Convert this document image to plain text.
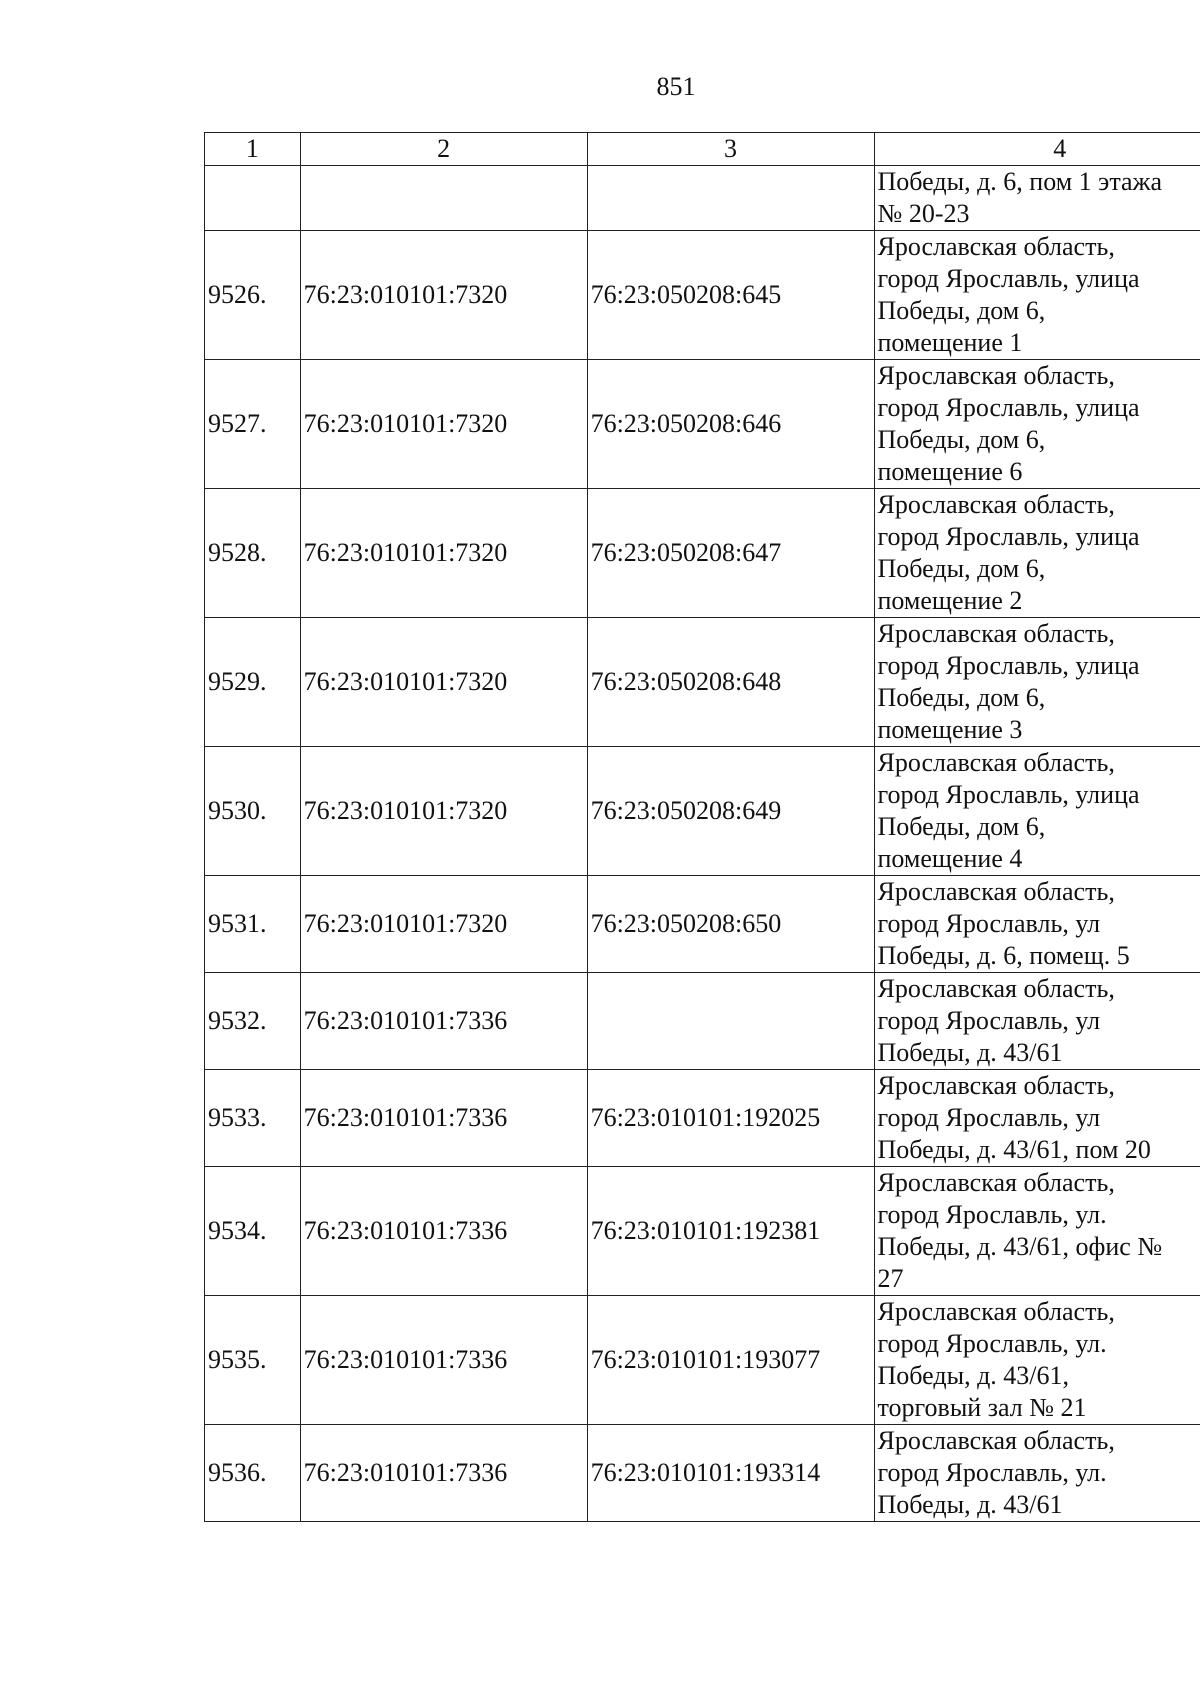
851
1	2	3	4

			Победы, д. 6, пом 1 этажа
№ 20-23

9526.	76:23:010101:7320	76:23:050208:645	Ярославская область,
город Ярославль, улица
Победы, дом 6,
помещение 1

9527.	76:23:010101:7320	76:23:050208:646	Ярославская область,
город Ярославль, улица
Победы, дом 6,
помещение 6

9528.	76:23:010101:7320	76:23:050208:647	Ярославская область,
город Ярославль, улица
Победы, дом 6,
помещение 2

9529.	76:23:010101:7320	76:23:050208:648	Ярославская область,
город Ярославль, улица
Победы, дом 6,
помещение 3

9530.	76:23:010101:7320	76:23:050208:649	Ярославская область,
город Ярославль, улица
Победы, дом 6,
помещение 4

9531.	76:23:010101:7320	76:23:050208:650	Ярославская область,
город Ярославль, ул
Победы, д. 6, помещ. 5

9532.	76:23:010101:7336		Ярославская область,
город Ярославль, ул
Победы, д. 43/61

9533.	76:23:010101:7336	76:23:010101:192025	Ярославская область,
город Ярославль, ул
Победы, д. 43/61, пом 20

9534.	76:23:010101:7336	76:23:010101:192381	Ярославская область,
город Ярославль, ул.
Победы, д. 43/61, офис №
27

9535.	76:23:010101:7336	76:23:010101:193077	Ярославская область,
город Ярославль, ул.
Победы, д. 43/61,
торговый зал № 21

9536.	76:23:010101:7336	76:23:010101:193314	Ярославская область,
город Ярославль, ул.
Победы, д. 43/61
